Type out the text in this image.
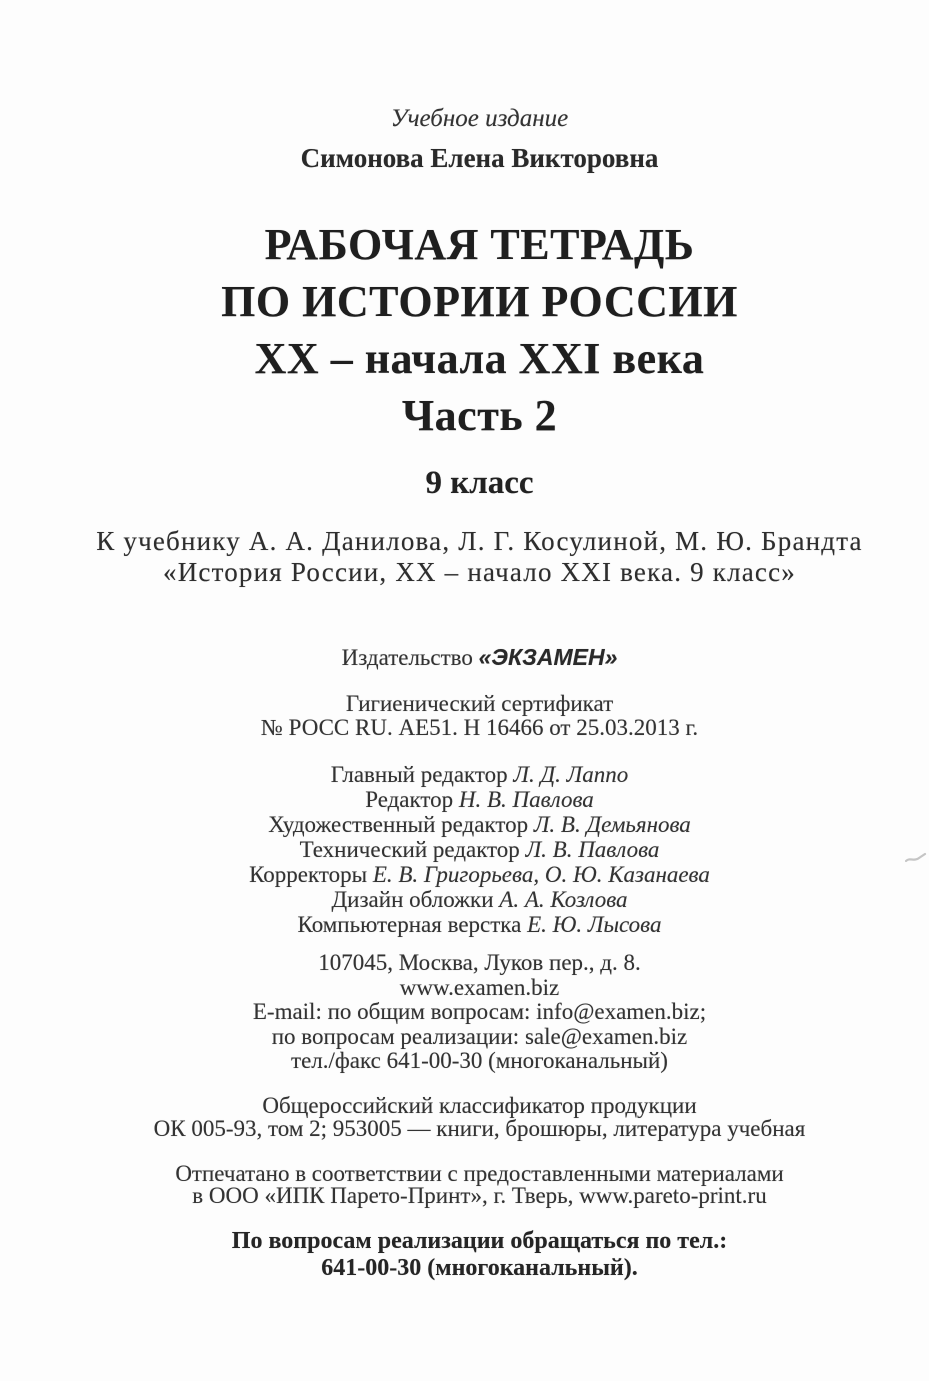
Учебное издание
Симонова Елена Викторовна
РАБОЧАЯ ТЕТРАДЬ
ПО ИСТОРИИ РОССИИ
XX – начала XXI века
Часть 2
9 класс
К учебнику А. А. Данилова, Л. Г. Косулиной, М. Ю. Брандта
«История России, XX – начало XXI века. 9 класс»
Издательство «ЭКЗАМЕН»
Гигиенический сертификат
№ РОСС RU. АЕ51. Н 16466 от 25.03.2013 г.
Главный редактор Л. Д. Лаппо
Редактор Н. В. Павлова
Художественный редактор Л. В. Демьянова
Технический редактор Л. В. Павлова
Корректоры Е. В. Григорьева, О. Ю. Казанаева
Дизайн обложки А. А. Козлова
Компьютерная верстка Е. Ю. Лысова
107045, Москва, Луков пер., д. 8.
www.examen.biz
E-mail: по общим вопросам: info@examen.biz;
по вопросам реализации: sale@examen.biz
тел./факс 641-00-30 (многоканальный)
Общероссийский классификатор продукции
ОК 005-93, том 2; 953005 — книги, брошюры, литература учебная
Отпечатано в соответствии с предоставленными материалами
в ООО «ИПК Парето-Принт», г. Тверь, www.pareto-print.ru
По вопросам реализации обращаться по тел.:
641-00-30 (многоканальный).
